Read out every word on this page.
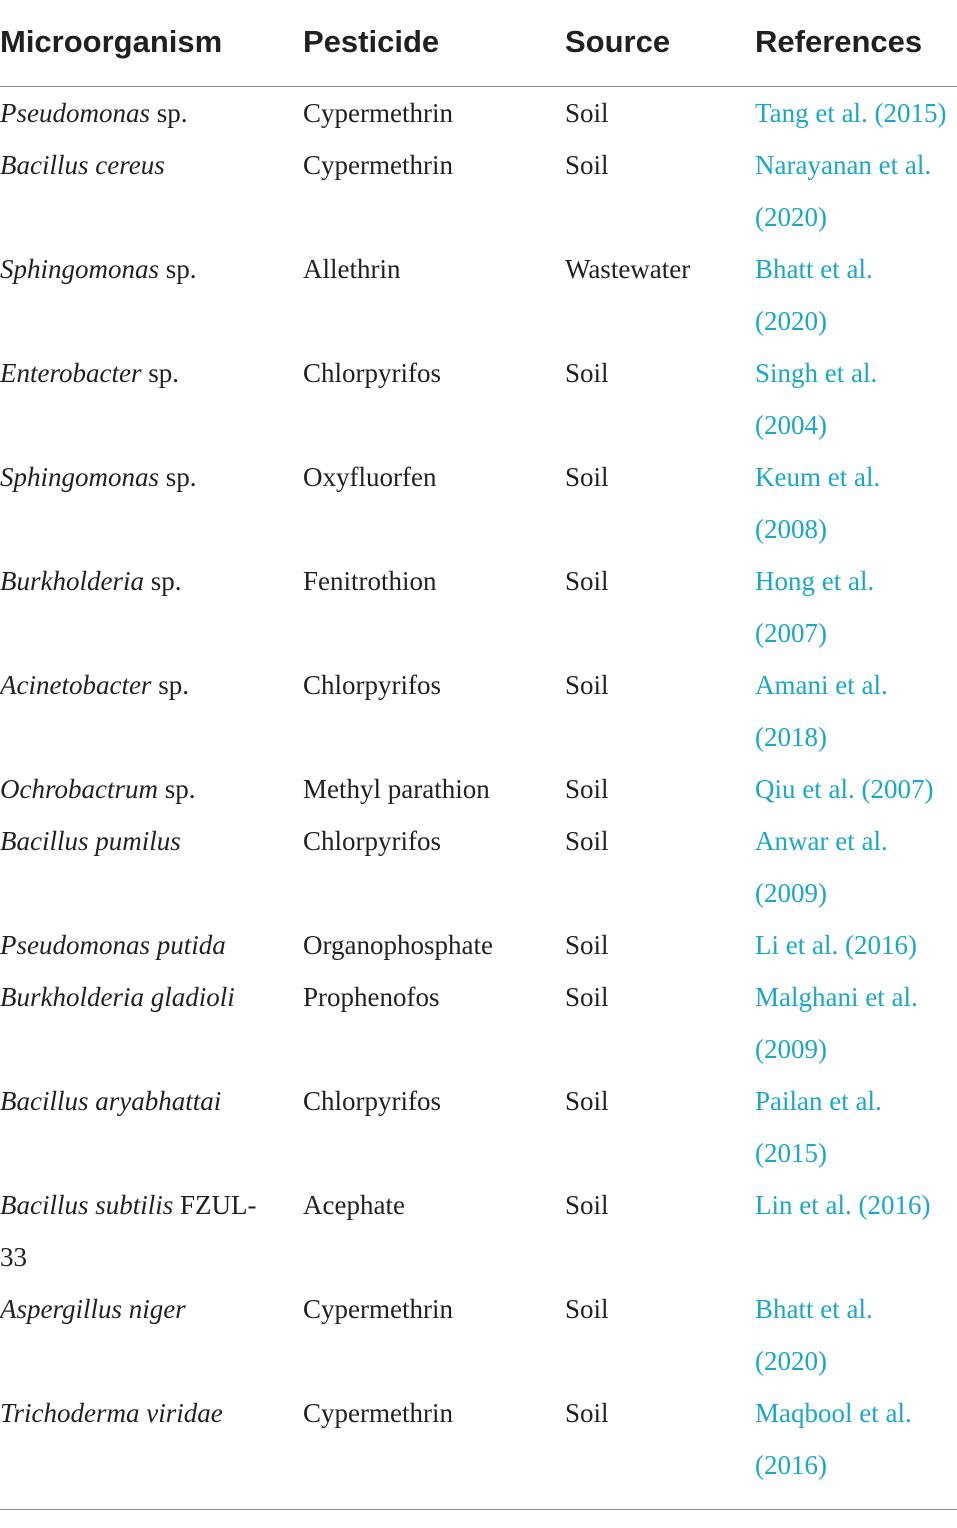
Microorganism	Pesticide	Source	References
Pseudomonas sp.	Cypermethrin	Soil	Tang et al. (2015)

Bacillus cereus	Cypermethrin	Soil	Narayanan et al.
(2020)

Sphingomonas sp.	Allethrin	Wastewater	Bhatt et al.
(2020)

Enterobacter sp.	Chlorpyrifos	Soil	Singh et al.
(2004)

Sphingomonas sp.	Oxyfluorfen	Soil	Keum et al.
(2008)

Burkholderia sp.	Fenitrothion	Soil	Hong et al.
(2007)

Acinetobacter sp.	Chlorpyrifos	Soil	Amani et al.
(2018)

Ochrobactrum sp.	Methyl parathion	Soil	Qiu et al. (2007)

Bacillus pumilus	Chlorpyrifos	Soil	Anwar et al.
(2009)

Pseudomonas putida	Organophosphate	Soil	Li et al. (2016)

Burkholderia gladioli	Prophenofos	Soil	Malghani et al.
(2009)

Bacillus aryabhattai	Chlorpyrifos	Soil	Pailan et al.
(2015)

Bacillus subtilis FZUL-
33	Acephate	Soil	Lin et al. (2016)

Aspergillus niger	Cypermethrin	Soil	Bhatt et al.
(2020)

Trichoderma viridae	Cypermethrin	Soil	Maqbool et al.
(2016)
